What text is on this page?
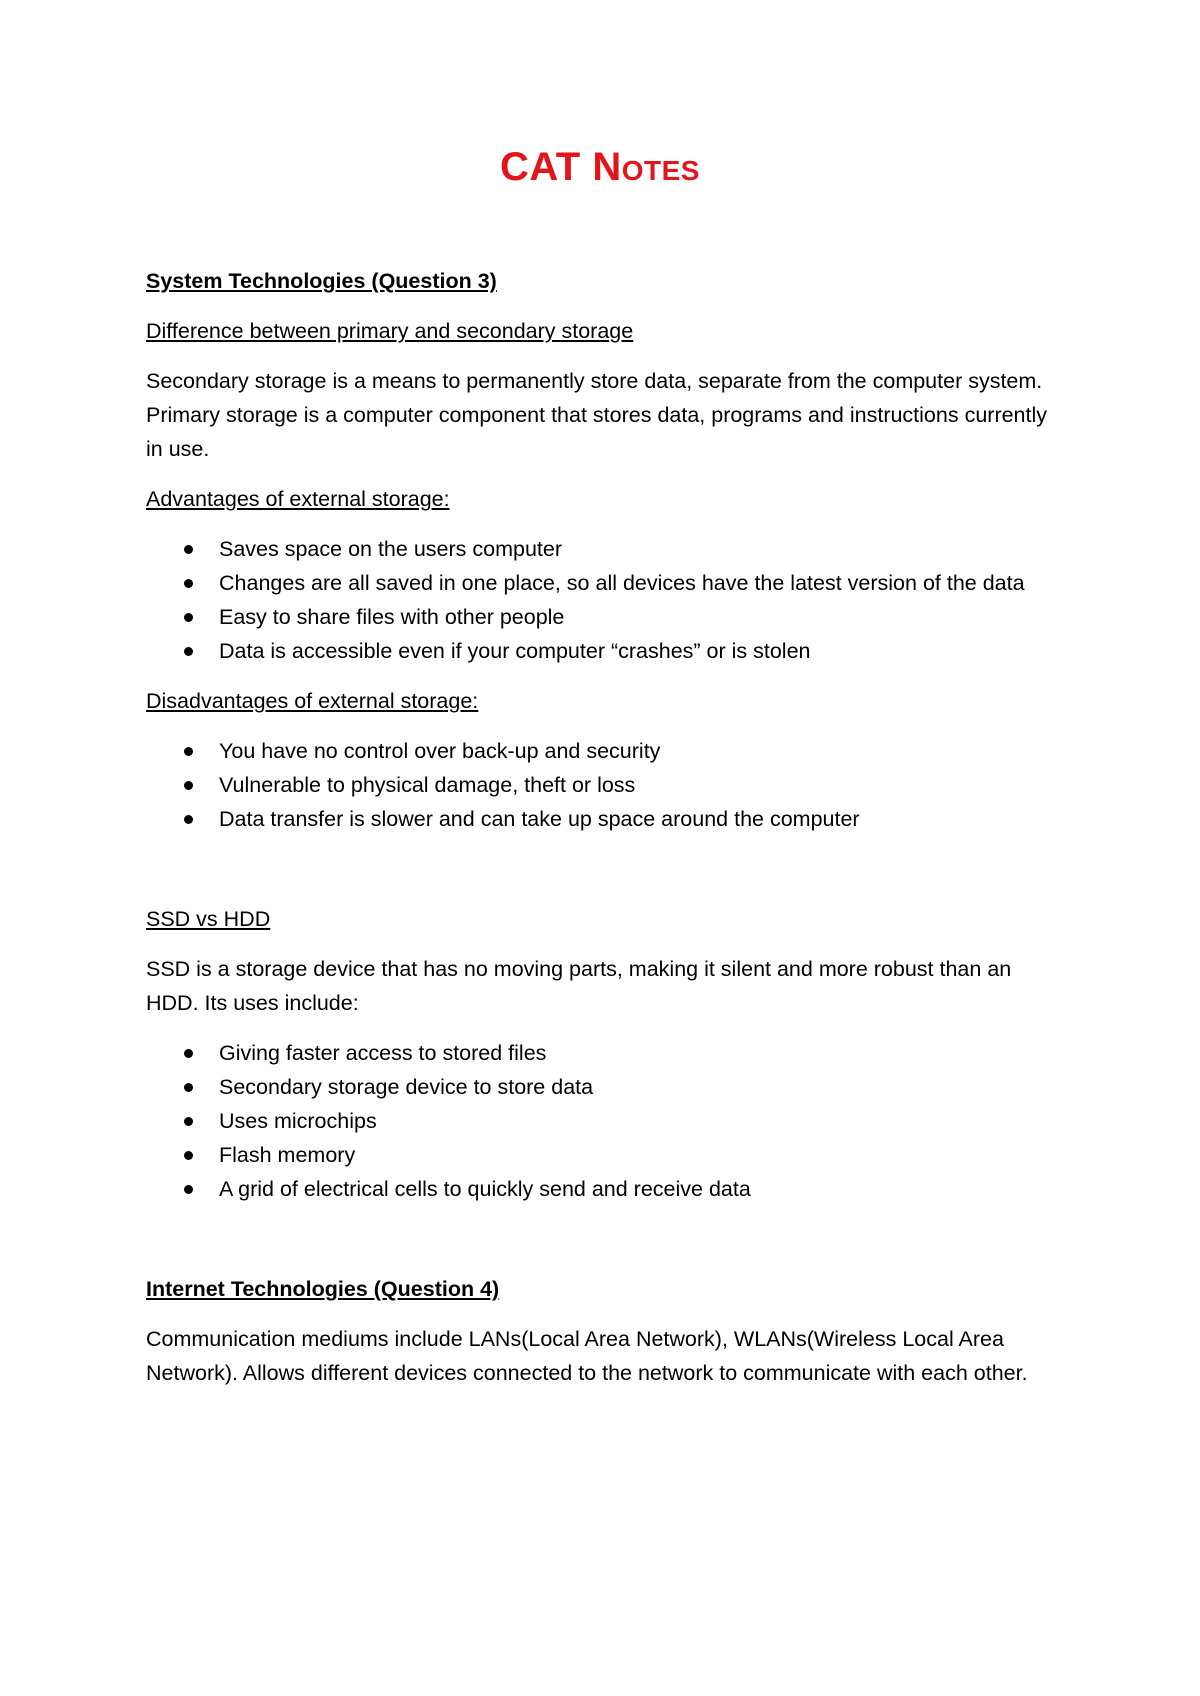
CAT Notes

System Technologies (Question 3)

Difference between primary and secondary storage

Secondary storage is a means to permanently store data, separate from the computer system. Primary storage is a computer component that stores data, programs and instructions currently in use.

Advantages of external storage:

Saves space on the users computer
Changes are all saved in one place, so all devices have the latest version of the data
Easy to share files with other people
Data is accessible even if your computer “crashes” or is stolen

Disadvantages of external storage:

You have no control over back-up and security
Vulnerable to physical damage, theft or loss
Data transfer is slower and can take up space around the computer

SSD vs HDD

SSD is a storage device that has no moving parts, making it silent and more robust than an HDD. Its uses include:

Giving faster access to stored files
Secondary storage device to store data
Uses microchips
Flash memory
A grid of electrical cells to quickly send and receive data

Internet Technologies (Question 4)

Communication mediums include LANs(Local Area Network), WLANs(Wireless Local Area Network). Allows different devices connected to the network to communicate with each other.
